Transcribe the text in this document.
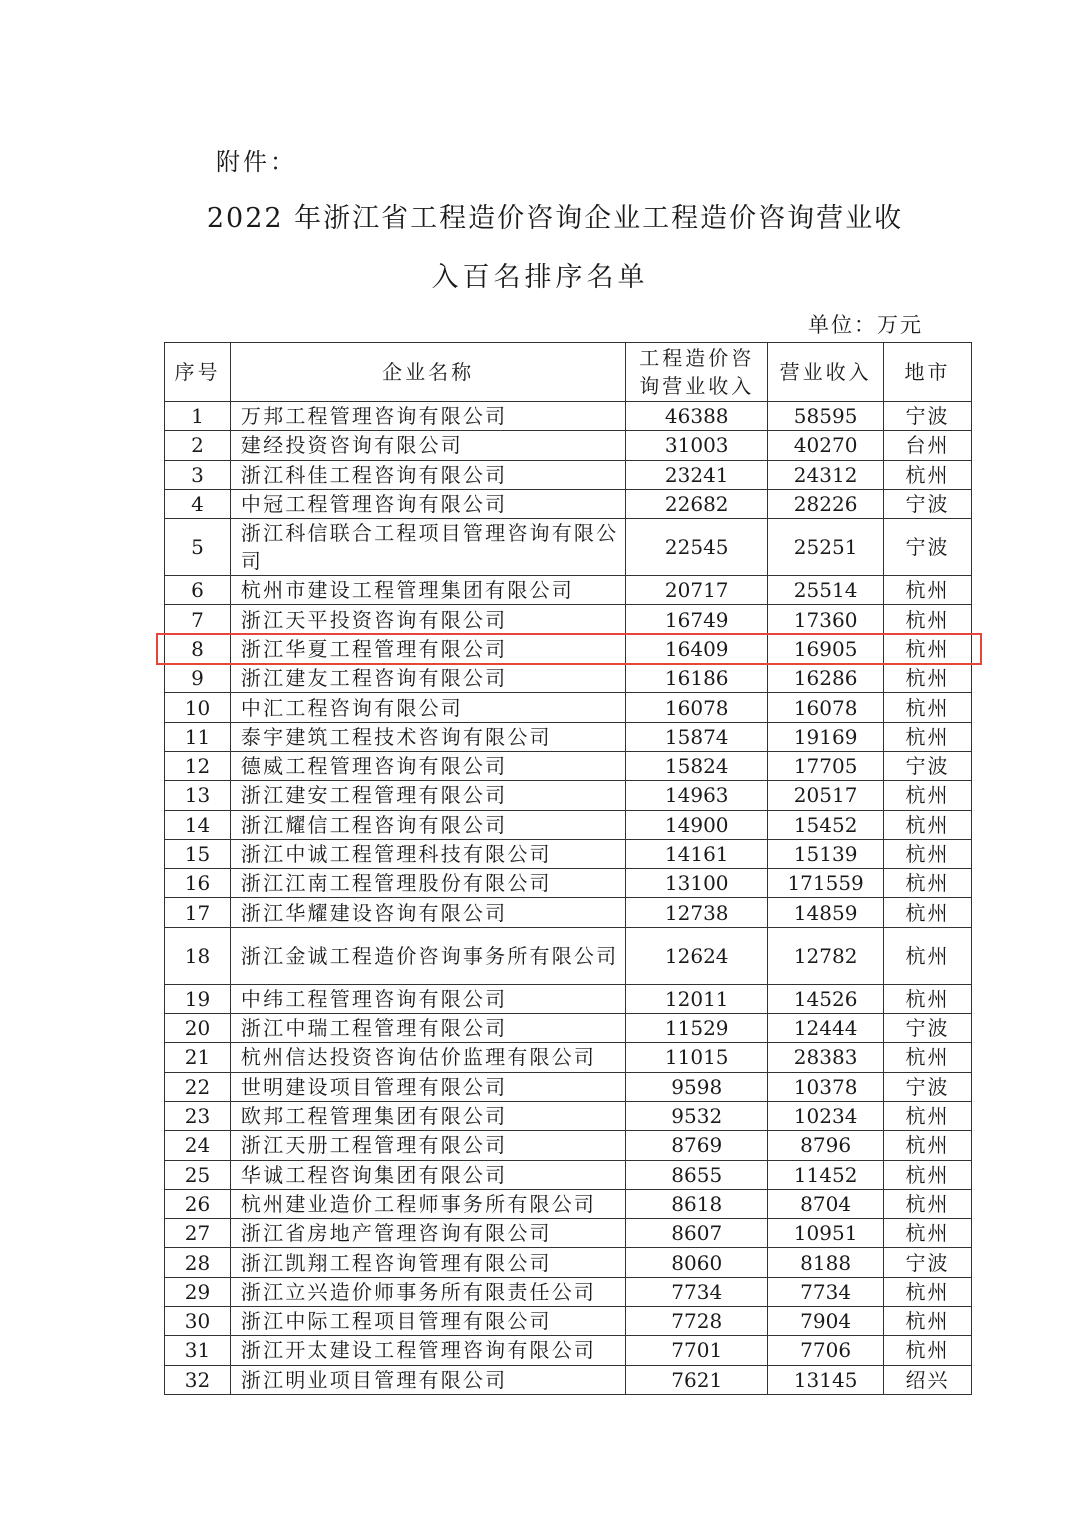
附件：
2022 年浙江省工程造价咨询企业工程造价咨询营业收
入百名排序名单
单位：万元
序号	企业名称	工程造价咨询营业收入	营业收入	地市
1	万邦工程管理咨询有限公司	46388	58595	宁波
2	建经投资咨询有限公司	31003	40270	台州
3	浙江科佳工程咨询有限公司	23241	24312	杭州
4	中冠工程管理咨询有限公司	22682	28226	宁波
5	浙江科信联合工程项目管理咨询有限公司	22545	25251	宁波
6	杭州市建设工程管理集团有限公司	20717	25514	杭州
7	浙江天平投资咨询有限公司	16749	17360	杭州
8	浙江华夏工程管理有限公司	16409	16905	杭州
9	浙江建友工程咨询有限公司	16186	16286	杭州
10	中汇工程咨询有限公司	16078	16078	杭州
11	泰宇建筑工程技术咨询有限公司	15874	19169	杭州
12	德威工程管理咨询有限公司	15824	17705	宁波
13	浙江建安工程管理有限公司	14963	20517	杭州
14	浙江耀信工程咨询有限公司	14900	15452	杭州
15	浙江中诚工程管理科技有限公司	14161	15139	杭州
16	浙江江南工程管理股份有限公司	13100	171559	杭州
17	浙江华耀建设咨询有限公司	12738	14859	杭州
18	浙江金诚工程造价咨询事务所有限公司	12624	12782	杭州
19	中纬工程管理咨询有限公司	12011	14526	杭州
20	浙江中瑞工程管理有限公司	11529	12444	宁波
21	杭州信达投资咨询估价监理有限公司	11015	28383	杭州
22	世明建设项目管理有限公司	9598	10378	宁波
23	欧邦工程管理集团有限公司	9532	10234	杭州
24	浙江天册工程管理有限公司	8769	8796	杭州
25	华诚工程咨询集团有限公司	8655	11452	杭州
26	杭州建业造价工程师事务所有限公司	8618	8704	杭州
27	浙江省房地产管理咨询有限公司	8607	10951	杭州
28	浙江凯翔工程咨询管理有限公司	8060	8188	宁波
29	浙江立兴造价师事务所有限责任公司	7734	7734	杭州
30	浙江中际工程项目管理有限公司	7728	7904	杭州
31	浙江开太建设工程管理咨询有限公司	7701	7706	杭州
32	浙江明业项目管理有限公司	7621	13145	绍兴
